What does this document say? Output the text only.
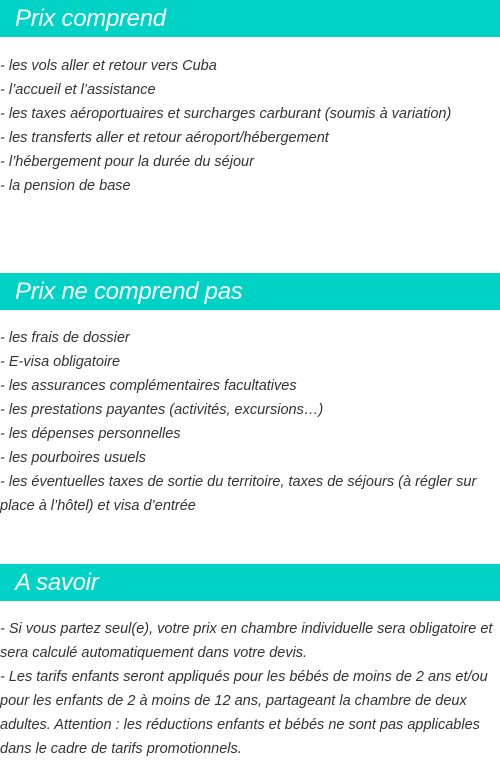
Prix comprend
- les vols aller et retour vers Cuba
- l’accueil et l’assistance
- les taxes aéroportuaires et surcharges carburant (soumis à variation)
- les transferts aller et retour aéroport/hébergement
- l’hébergement pour la durée du séjour
- la pension de base
Prix ne comprend pas
- les frais de dossier
- E-visa obligatoire
- les assurances complémentaires facultatives
- les prestations payantes (activités, excursions…)
- les dépenses personnelles
- les pourboires usuels
- les éventuelles taxes de sortie du territoire, taxes de séjours (à régler sur place à l’hôtel) et visa d’entrée
A savoir
- Si vous partez seul(e), votre prix en chambre individuelle sera obligatoire et sera calculé automatiquement dans votre devis.
- Les tarifs enfants seront appliqués pour les bébés de moins de 2 ans et/ou pour les enfants de 2 à moins de 12 ans, partageant la chambre de deux adultes. Attention : les réductions enfants et bébés ne sont pas applicables dans le cadre de tarifs promotionnels.
